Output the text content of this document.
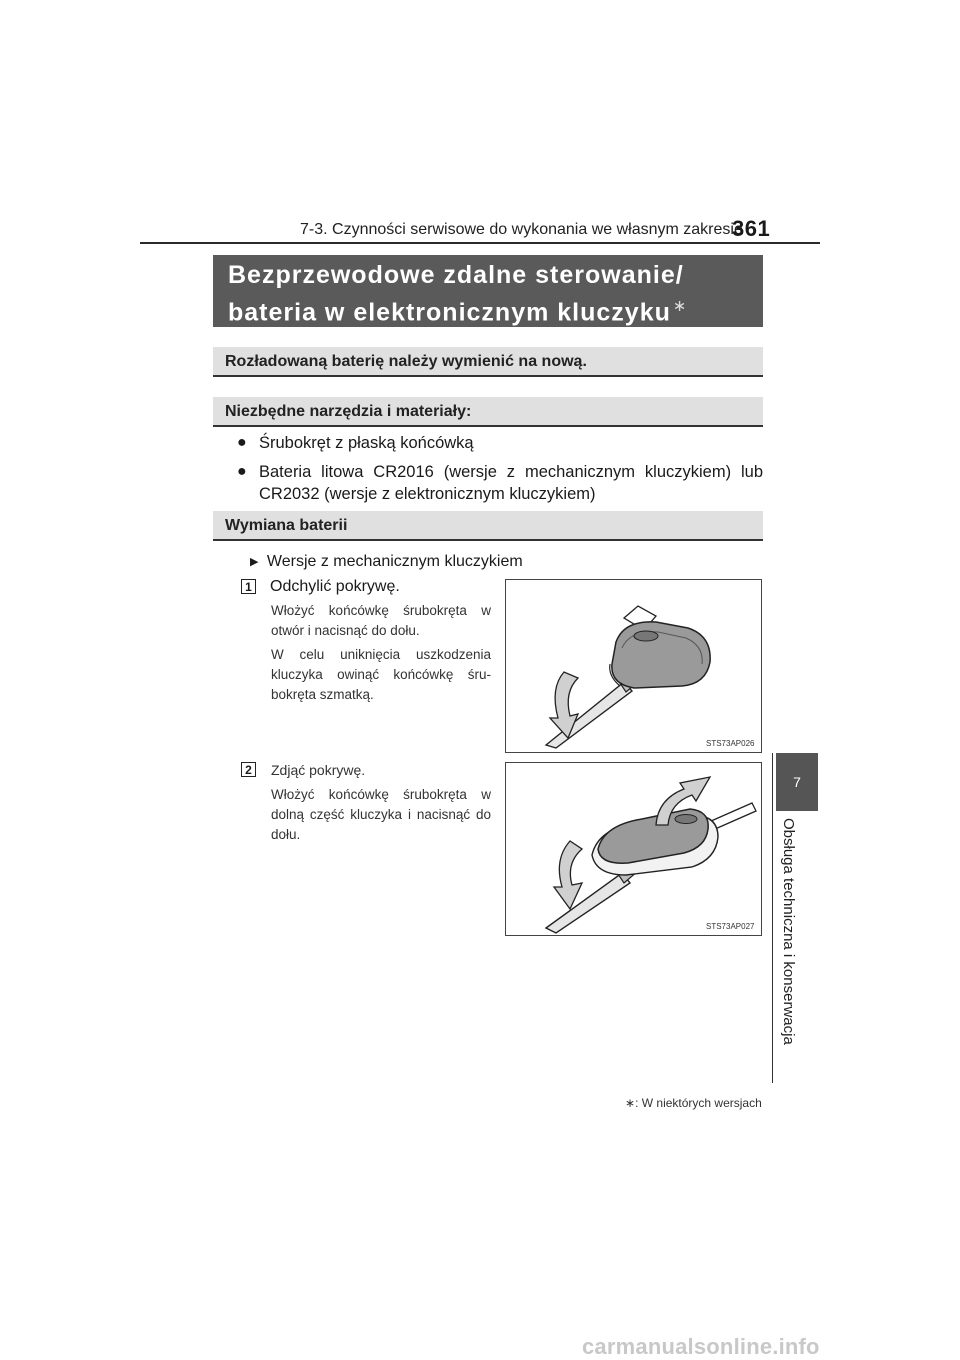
7-3. Czynności serwisowe do wykonania we własnym zakresie
361
7
Obsługa techniczna i konserwacja
Bezprzewodowe zdalne sterowanie/
bateria w elektronicznym kluczyku ∗
Rozładowaną baterię należy wymienić na nową.
Niezbędne narzędzia i materiały:
● Śrubokręt z płaską końcówką
● Bateria litowa CR2016 (wersje z mechanicznym kluczykiem) lub CR2032 (wersje z elektronicznym kluczykiem)
Wymiana baterii
▶ Wersje z mechanicznym kluczykiem
1 Odchylić pokrywę.
Włożyć końcówkę śrubokręta w otwór i nacisnąć do dołu.
W celu uniknięcia uszkodzenia kluczyka owinąć końcówkę śru- bokręta szmatką.
STS73AP026
2 Zdjąć pokrywę.
Włożyć końcówkę śrubokręta w dolną część kluczyka i nacisnąć do dołu.
STS73AP027
∗: W niektórych wersjach
carmanualsonline.info
